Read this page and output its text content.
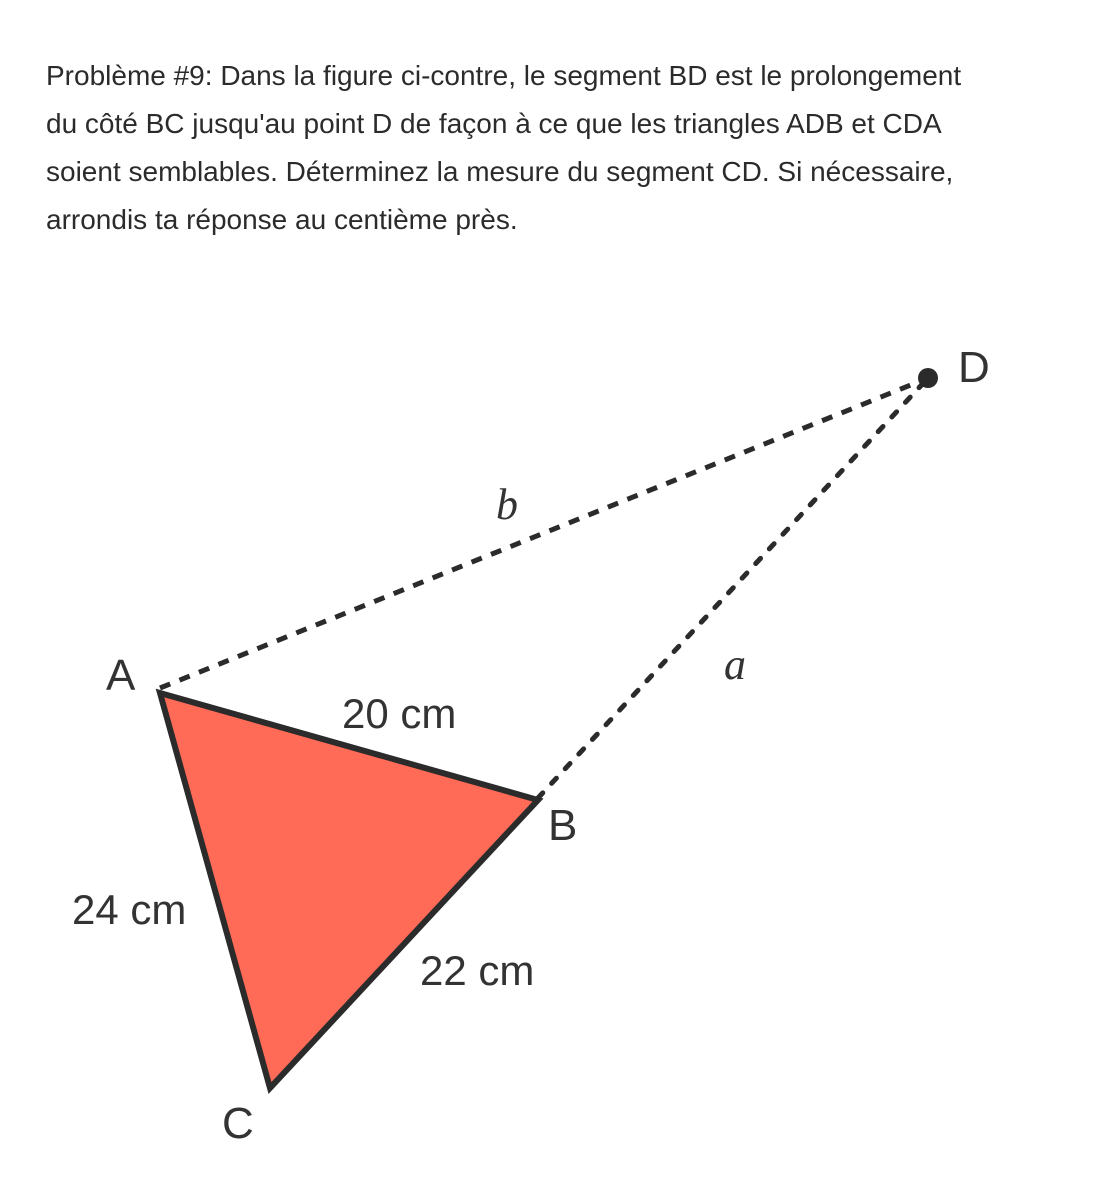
Problème #9: Dans la figure ci-contre, le segment BD est le prolongement
du côté BC jusqu'au point D de façon à ce que les triangles ADB et CDA
soient semblables. Déterminez la mesure du segment CD. Si nécessaire,
arrondis ta réponse au centième près.
A
B
C
D
20 cm
24 cm
22 cm
b
a
